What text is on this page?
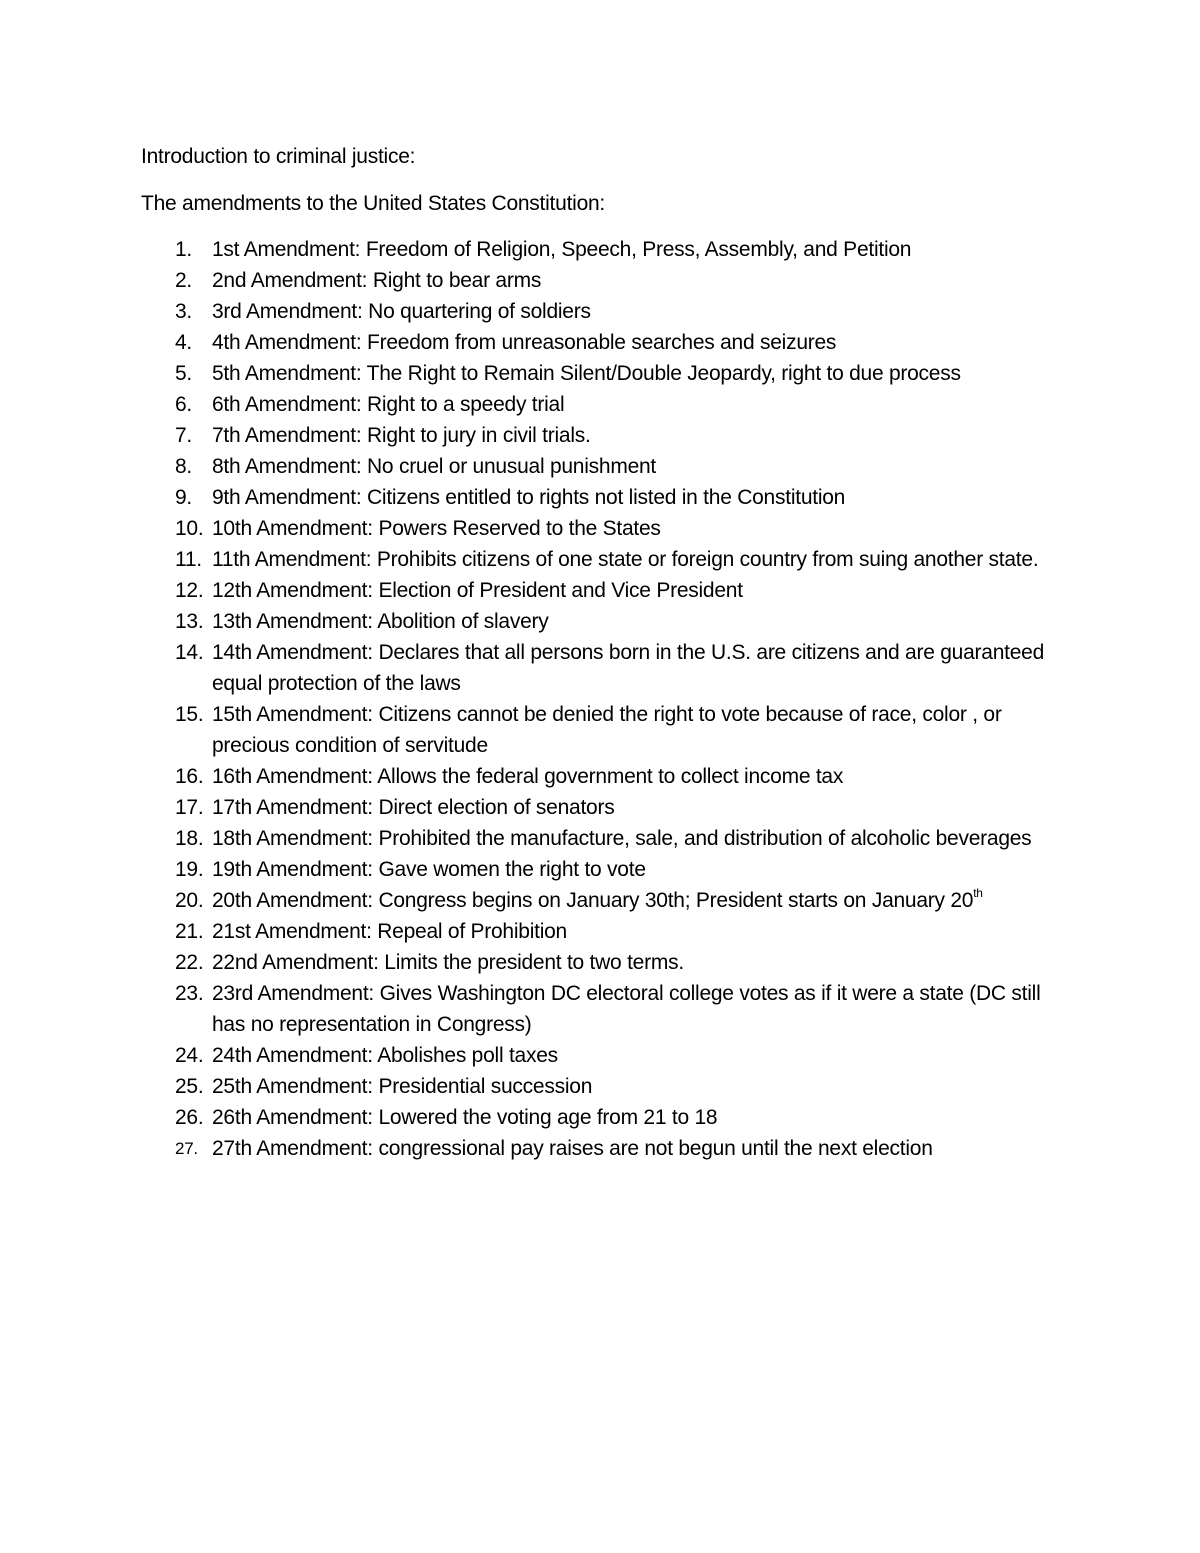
Introduction to criminal justice:
The amendments to the United States Constitution:
1. 1st Amendment: Freedom of Religion, Speech, Press, Assembly, and Petition
2. 2nd Amendment: Right to bear arms
3. 3rd Amendment: No quartering of soldiers
4. 4th Amendment: Freedom from unreasonable searches and seizures
5. 5th Amendment: The Right to Remain Silent/Double Jeopardy, right to due process
6. 6th Amendment: Right to a speedy trial
7. 7th Amendment: Right to jury in civil trials.
8. 8th Amendment: No cruel or unusual punishment
9. 9th Amendment: Citizens entitled to rights not listed in the Constitution
10. 10th Amendment: Powers Reserved to the States
11. 11th Amendment: Prohibits citizens of one state or foreign country from suing another state.
12. 12th Amendment: Election of President and Vice President
13. 13th Amendment: Abolition of slavery
14. 14th Amendment: Declares that all persons born in the U.S. are citizens and are guaranteed equal protection of the laws
15. 15th Amendment: Citizens cannot be denied the right to vote because of race, color , or precious condition of servitude
16. 16th Amendment: Allows the federal government to collect income tax
17. 17th Amendment: Direct election of senators
18. 18th Amendment: Prohibited the manufacture, sale, and distribution of alcoholic beverages
19. 19th Amendment: Gave women the right to vote
20. 20th Amendment: Congress begins on January 30th; President starts on January 20th
21. 21st Amendment: Repeal of Prohibition
22. 22nd Amendment: Limits the president to two terms.
23. 23rd Amendment: Gives Washington DC electoral college votes as if it were a state (DC still has no representation in Congress)
24. 24th Amendment: Abolishes poll taxes
25. 25th Amendment: Presidential succession
26. 26th Amendment: Lowered the voting age from 21 to 18
27. 27th Amendment: congressional pay raises are not begun until the next election
